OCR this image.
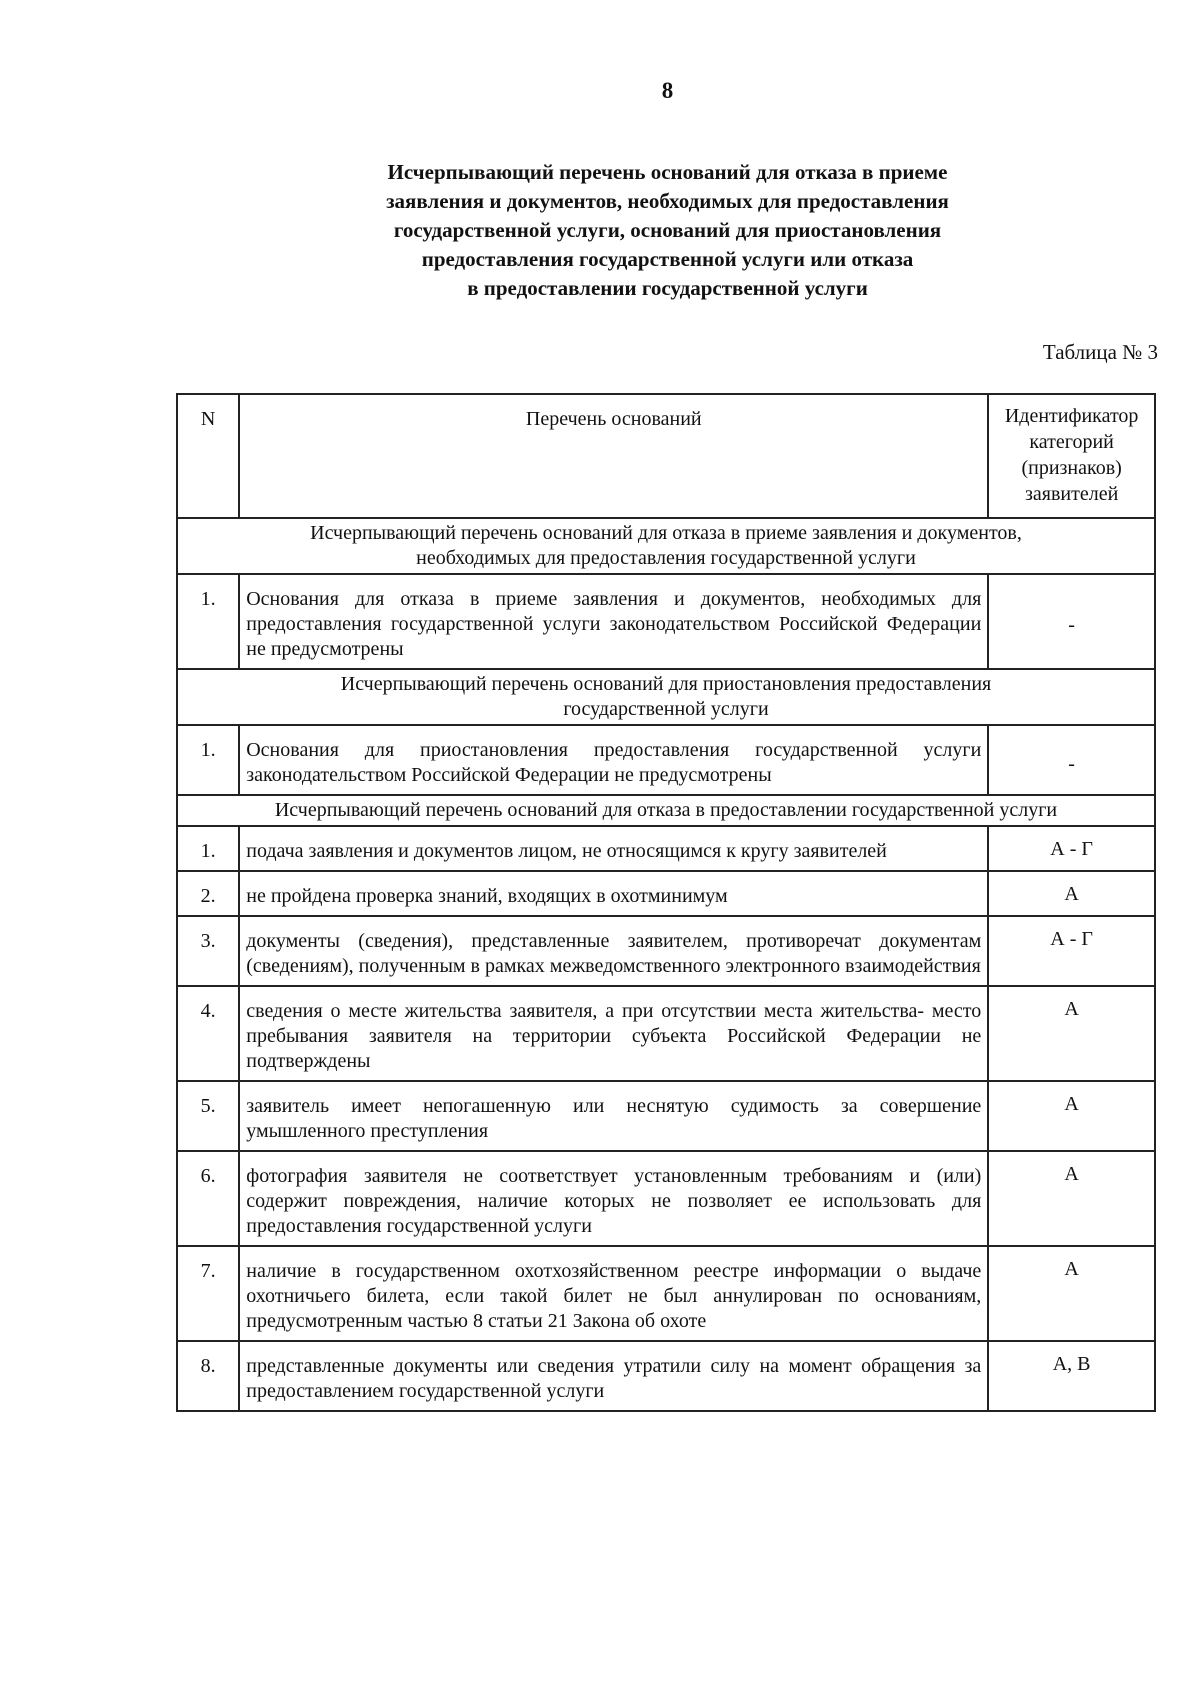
8
Исчерпывающий перечень оснований для отказа в приеме
заявления и документов, необходимых для предоставления
государственной услуги, оснований для приостановления
предоставления государственной услуги или отказа
в предоставлении государственной услуги
Таблица № 3
N	Перечень оснований	Идентификатор
категорий
(признаков)
заявителей

Исчерпывающий перечень оснований для отказа в приеме заявления и документов,
необходимых для предоставления государственной услуги		

1.	Основания для отказа в приеме заявления и документов, необходимых для предоставления государственной услуги законодательством Российской Федерации не предусмотрены	-

Исчерпывающий перечень оснований для приостановления предоставления
государственной услуги		

1.	Основания для приостановления предоставления государственной услуги законодательством Российской Федерации не предусмотрены	-

Исчерпывающий перечень оснований для отказа в предоставлении государственной услуги		

1.	подача заявления и документов лицом, не относящимся к кругу заявителей	А - Г
2.	не пройдена проверка знаний, входящих в охотминимум	А
3.	документы (сведения), представленные заявителем, противоречат документам (сведениям), полученным в рамках межведомственного электронного взаимодействия	А - Г
4.	сведения о месте жительства заявителя, а при отсутствии места жительства- место пребывания заявителя на территории субъекта Российской Федерации не подтверждены	А
5.	заявитель имеет непогашенную или неснятую судимость за совершение умышленного преступления	А
6.	фотография заявителя не соответствует установленным требованиям и (или) содержит повреждения, наличие которых не позволяет ее использовать для предоставления государственной услуги	А
7.	наличие в государственном охотхозяйственном реестре информации о выдаче охотничьего билета, если такой билет не был аннулирован по основаниям, предусмотренным частью 8 статьи 21 Закона об охоте	А
8.	представленные документы или сведения утратили силу на момент обращения за предоставлением государственной услуги	А, В
